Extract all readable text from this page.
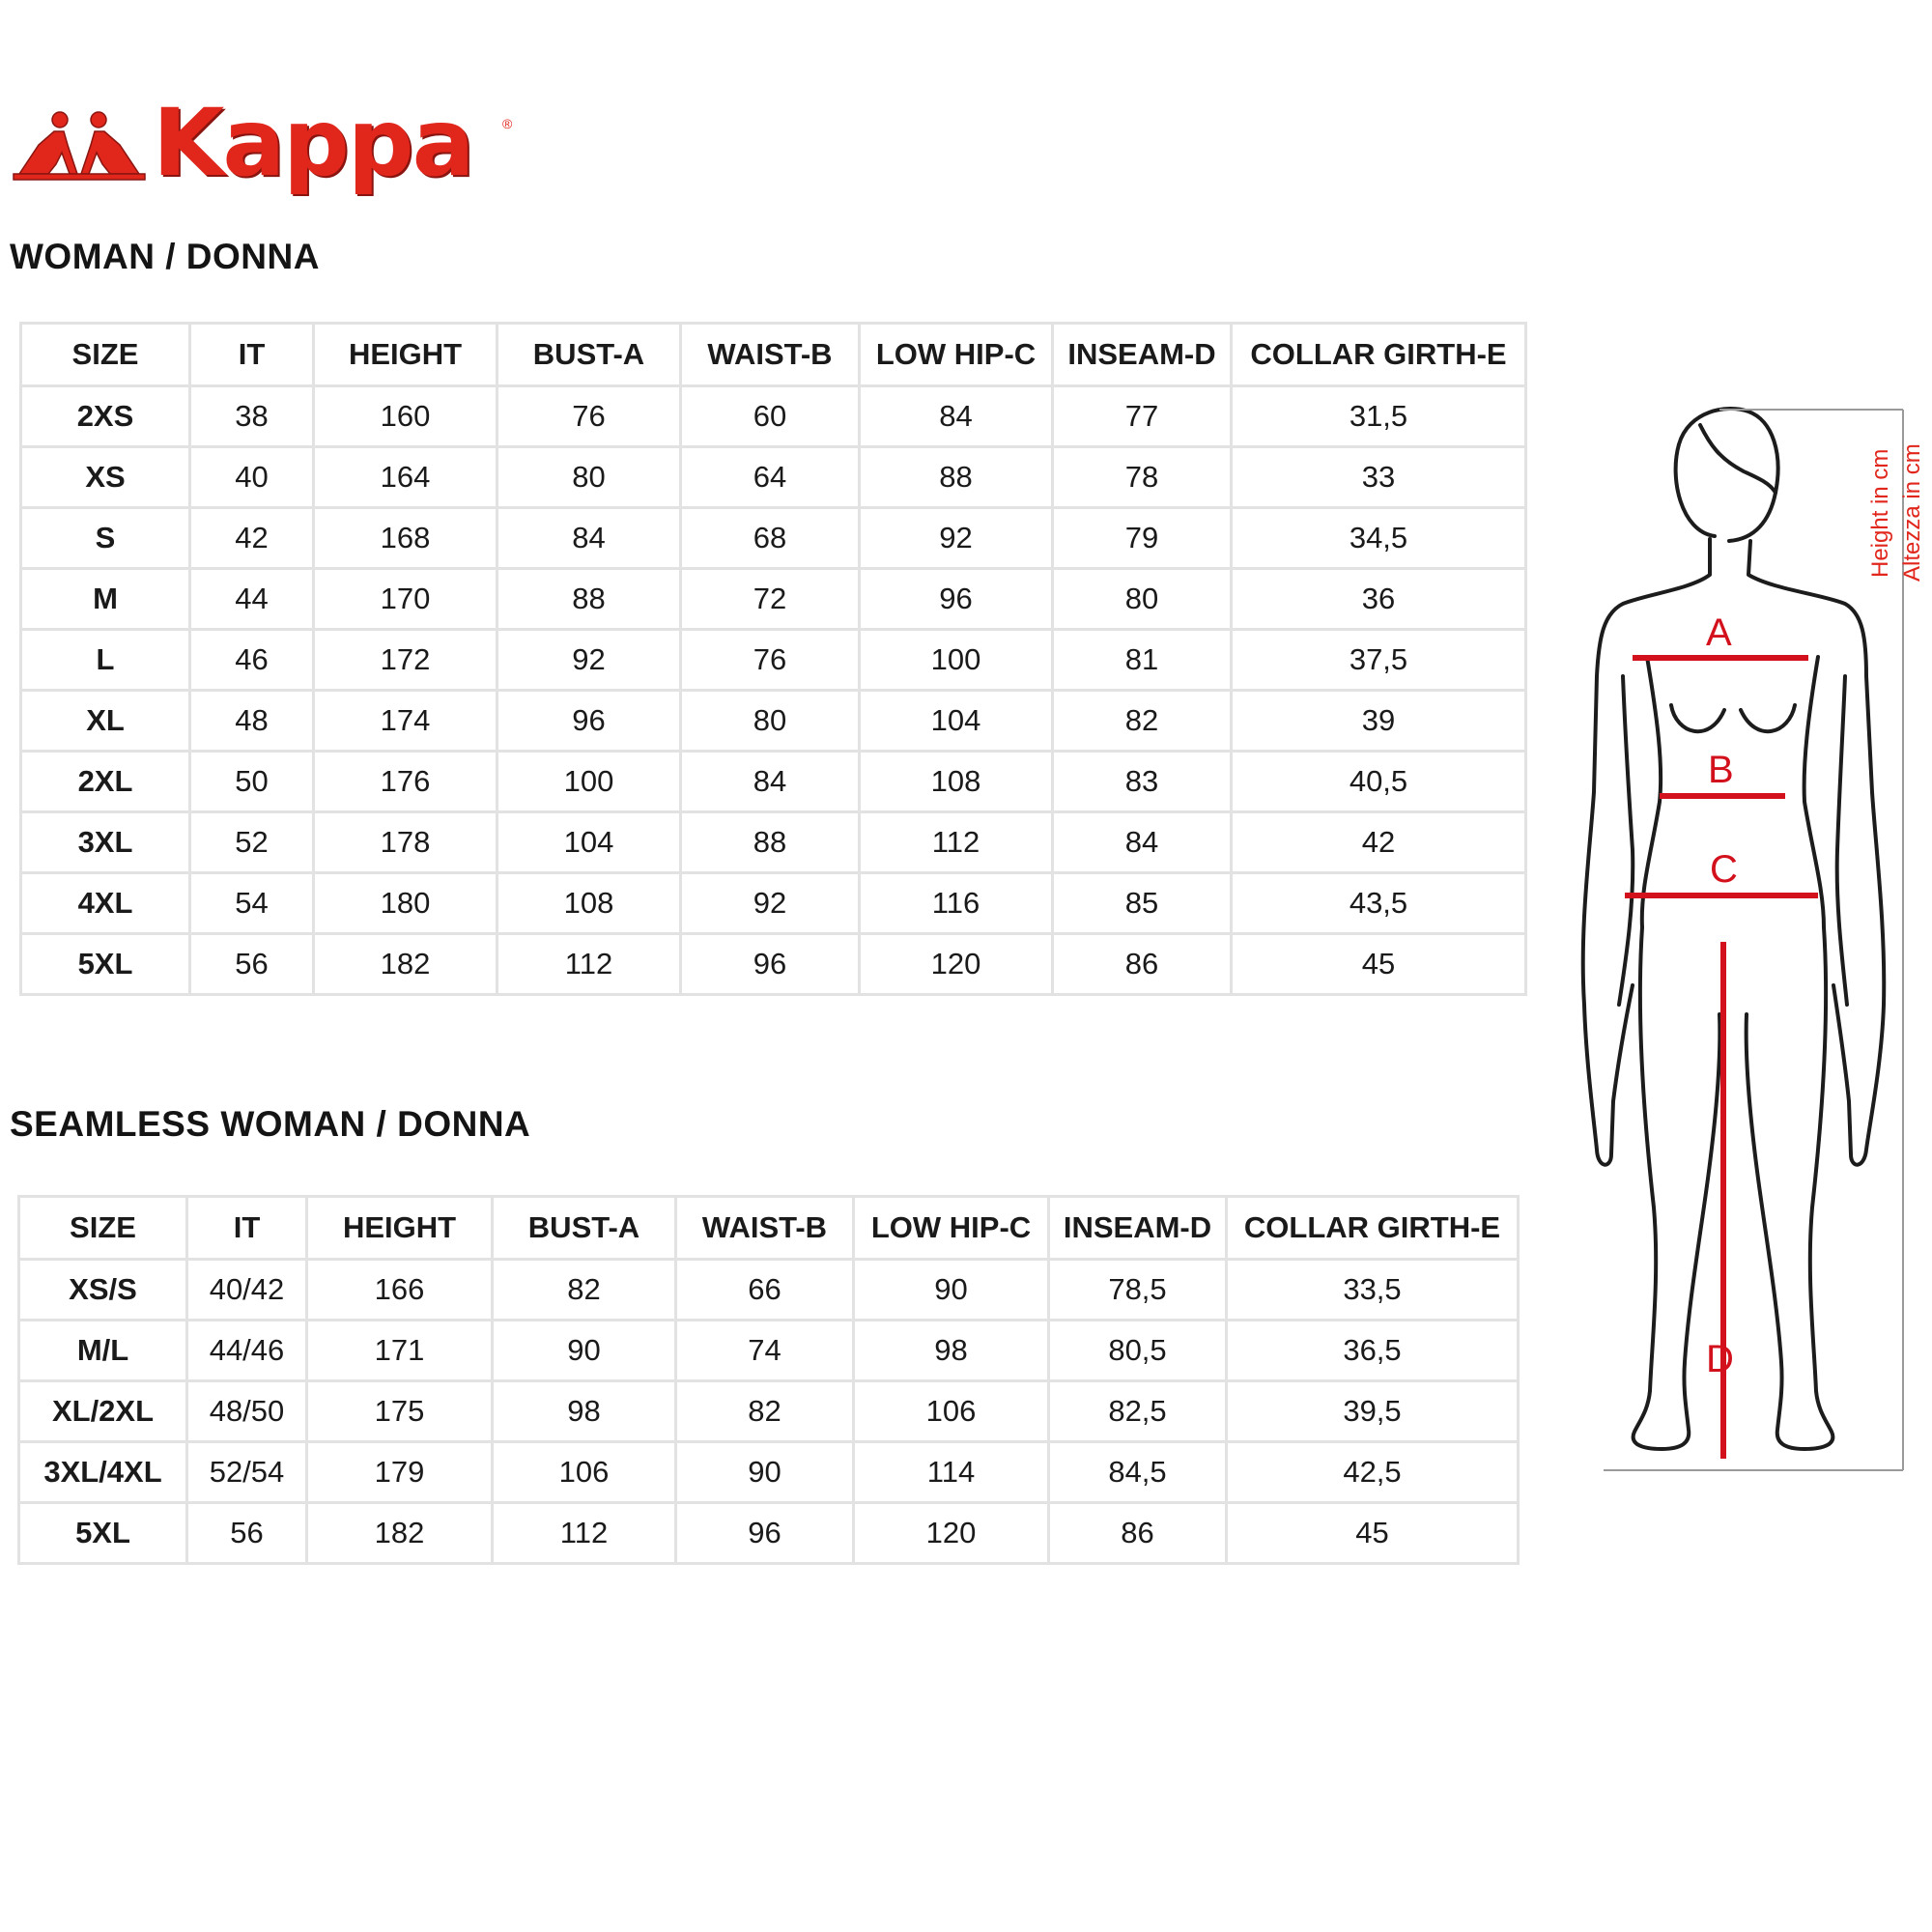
Kappa ®
WOMAN / DONNA
SIZE	IT	HEIGHT	BUST-A	WAIST-B	LOW HIP-C	INSEAM-D	COLLAR GIRTH-E
2XS	38	160	76	60	84	77	31,5
XS	40	164	80	64	88	78	33
S	42	168	84	68	92	79	34,5
M	44	170	88	72	96	80	36
L	46	172	92	76	100	81	37,5
XL	48	174	96	80	104	82	39
2XL	50	176	100	84	108	83	40,5
3XL	52	178	104	88	112	84	42
4XL	54	180	108	92	116	85	43,5
5XL	56	182	112	96	120	86	45
SEAMLESS WOMAN / DONNA
SIZE	IT	HEIGHT	BUST-A	WAIST-B	LOW HIP-C	INSEAM-D	COLLAR GIRTH-E
XS/S	40/42	166	82	66	90	78,5	33,5
M/L	44/46	171	90	74	98	80,5	36,5
XL/2XL	48/50	175	98	82	106	82,5	39,5
3XL/4XL	52/54	179	106	90	114	84,5	42,5
5XL	56	182	112	96	120	86	45
A
B
C
D
Height in cm Altezza in cm
